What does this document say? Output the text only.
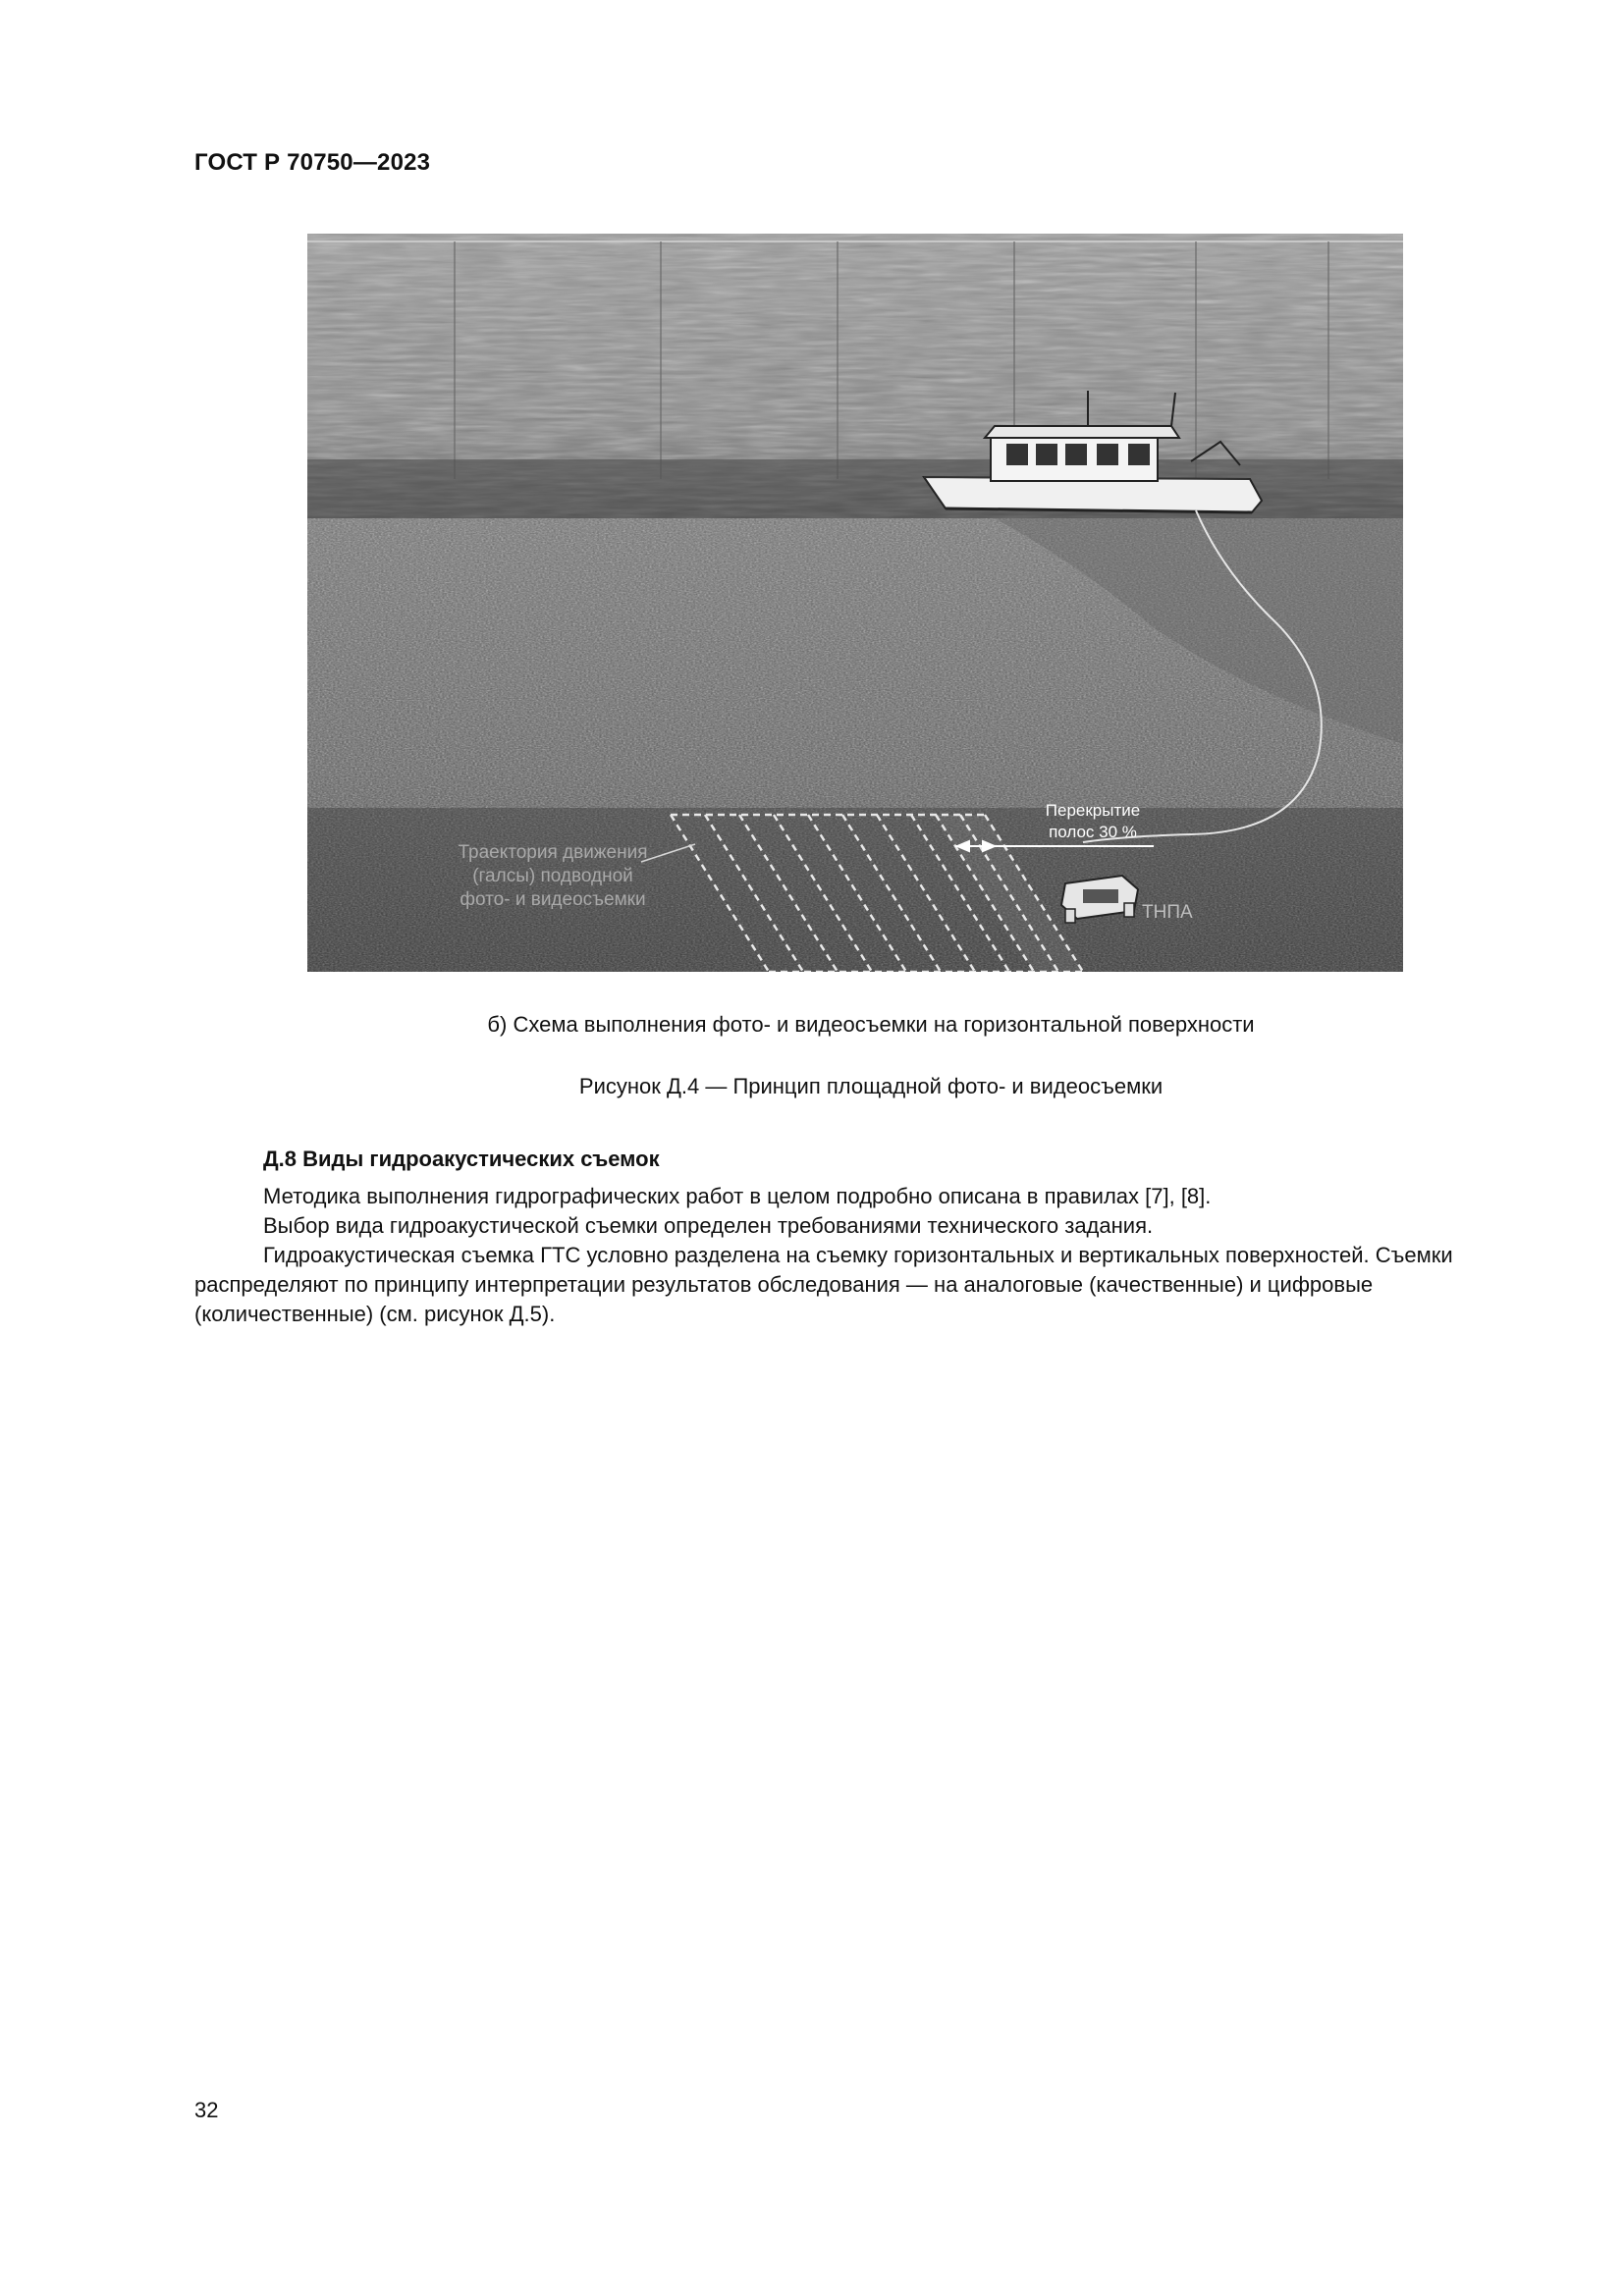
ГОСТ Р 70750—2023
Траектория движения
(галсы) подводной
фото- и видеосъемки
Перекрытие
полос 30 %
ТНПА
б) Схема выполнения фото- и видеосъемки на горизонтальной поверхности
Рисунок Д.4 — Принцип площадной фото- и видеосъемки
Д.8 Виды гидроакустических съемок

Методика выполнения гидрографических работ в целом подробно описана в правилах [7], [8].

Выбор вида гидроакустической съемки определен требованиями технического задания.

Гидроакустическая съемка ГТС условно разделена на съемку горизонтальных и вертикальных поверхностей. Съемки распределяют по принципу интерпретации результатов обследования — на аналоговые (качественные) и цифровые (количественные) (см. рисунок Д.5).

32
